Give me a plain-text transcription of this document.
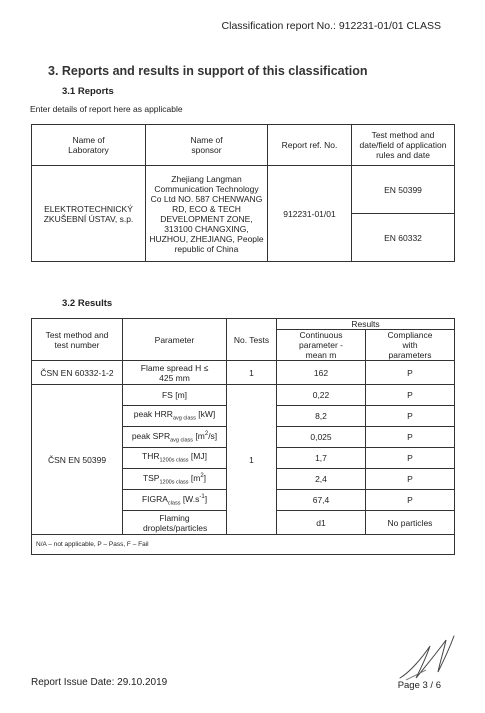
Classification report No.: 912231-01/01 CLASS
3. Reports and results in support of this classification
3.1 Reports
Enter details of report here as applicable
Name of Laboratory	Name of sponsor	Report ref. No.	Test method and date/field of application rules and date
ELEKTROTECHNICKÝ ZKUŠEBNÍ ÚSTAV, s.p.	Zhejiang Langman Communication Technology Co Ltd NO. 587 CHENWANG RD, ECO & TECH DEVELOPMENT ZONE, 313100 CHANGXING, HUZHOU, ZHEJIANG, People republic of China	912231-01/01	EN 50399
			EN 60332
3.2 Results
Test method and test number	Parameter	No. Tests	Results	
			Continuous parameter - mean m	Compliance with parameters
ČSN EN 60332-1-2	Flame spread H ≤ 425 mm	1	162	P
ČSN EN 50399	FS [m]	1	0,22	P
	peak $HRR_{avg class}$ [kW]		8,2	P
	peak $SPR_{avg class}$ $[m^2/s]$		0,025	P
	$THR_{1200s class}$ [MJ]		1,7	P
	$TSP_{1200s class}$ $[m^2]$		2,4	P
	$FIGRA_{class}$ $[W.s^{-1}]$		67,4	P
	Flaming droplets/particles		d1	No particles
N/A – not applicable, P – Pass, F – Fail				
Report Issue Date: 29.10.2019	Page 3 / 6
